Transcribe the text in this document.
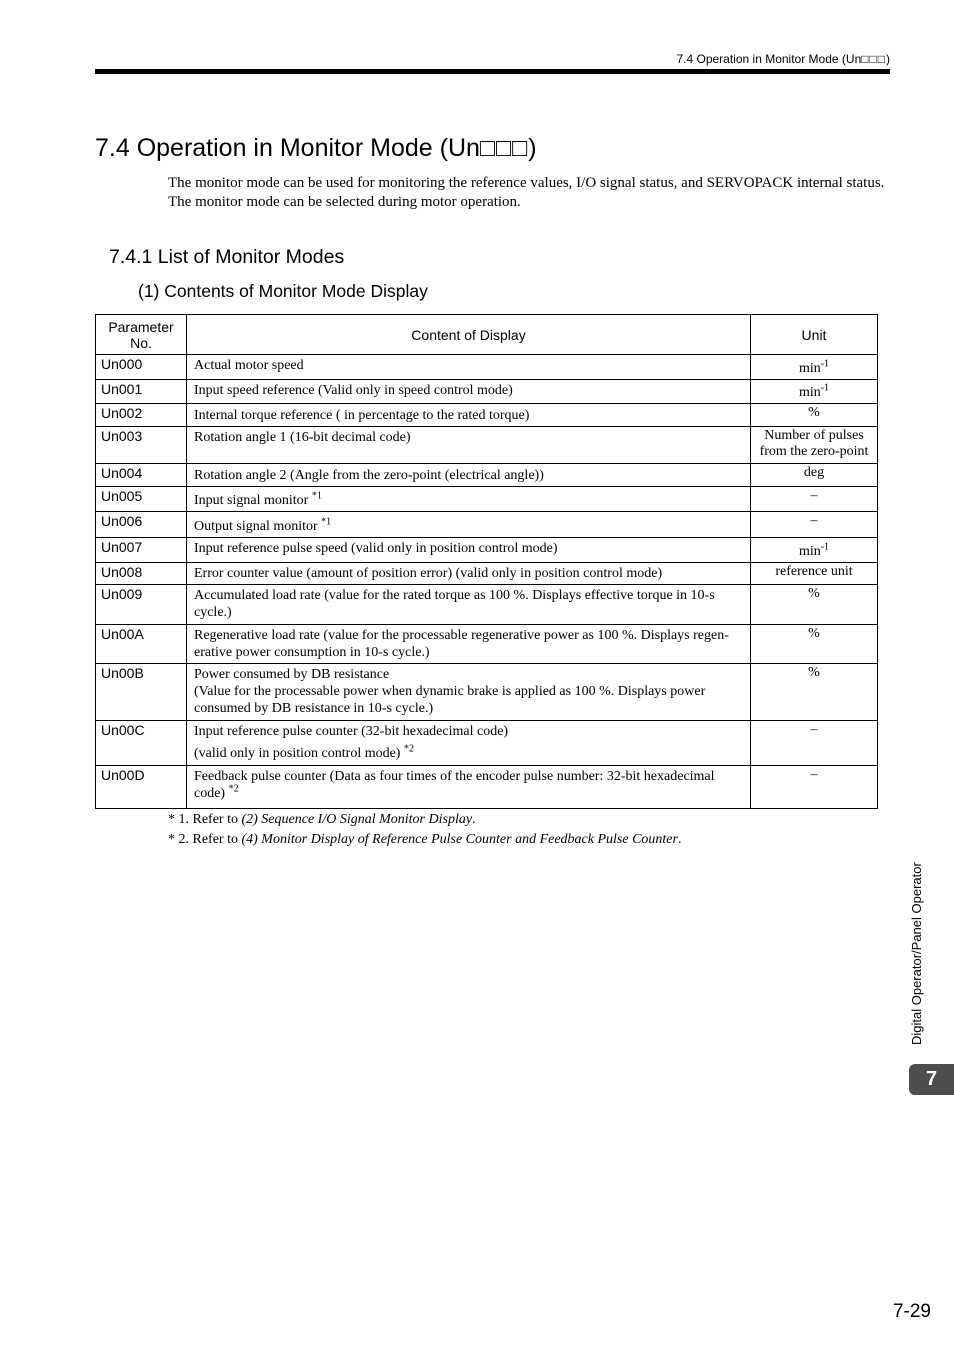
7.4 Operation in Monitor Mode (Un□□□)
7.4 Operation in Monitor Mode (Un□□□)

The monitor mode can be used for monitoring the reference values, I/O signal status, and SERVOPACK internal status.

The monitor mode can be selected during motor operation.

7.4.1 List of Monitor Modes
(1) Contents of Monitor Mode Display
Parameter No.	Content of Display	Unit
Un000	Actual motor speed	$\min^{-1}$
Un001	Input speed reference (Valid only in speed control mode)	$\min^{-1}$
Un002	Internal torque reference ( in percentage to the rated torque)	%
Un003	Rotation angle 1 (16-bit decimal code)	Number of pulses from the zero-point
Un004	Rotation angle 2 (Angle from the zero-point (electrical angle))	deg
Un005	Input signal monitor $^{*1}$	–
Un006	Output signal monitor $^{*1}$	–
Un007	Input reference pulse speed (valid only in position control mode)	$\min^{-1}$
Un008	Error counter value (amount of position error) (valid only in position control mode)	reference unit
Un009	Accumulated load rate (value for the rated torque as 100 %. Displays effective torque in 10-s cycle.)	%
Un00A	Regenerative load rate (value for the processable regenerative power as 100 %. Displays regen-erative power consumption in 10-s cycle.)	%
Un00B	Power consumed by DB resistance
(Value for the processable power when dynamic brake is applied as 100 %. Displays power consumed by DB resistance in 10-s cycle.)	%
Un00C	Input reference pulse counter (32-bit hexadecimal code)
(valid only in position control mode) $^{*2}$	–
Un00D	Feedback pulse counter (Data as four times of the encoder pulse number: 32-bit hexadecimal code) $^{*2}$	–
* 1. Refer to (2) Sequence I/O Signal Monitor Display.
* 2. Refer to (4) Monitor Display of Reference Pulse Counter and Feedback Pulse Counter.
Digital Operator/Panel Operator
7
7-29
